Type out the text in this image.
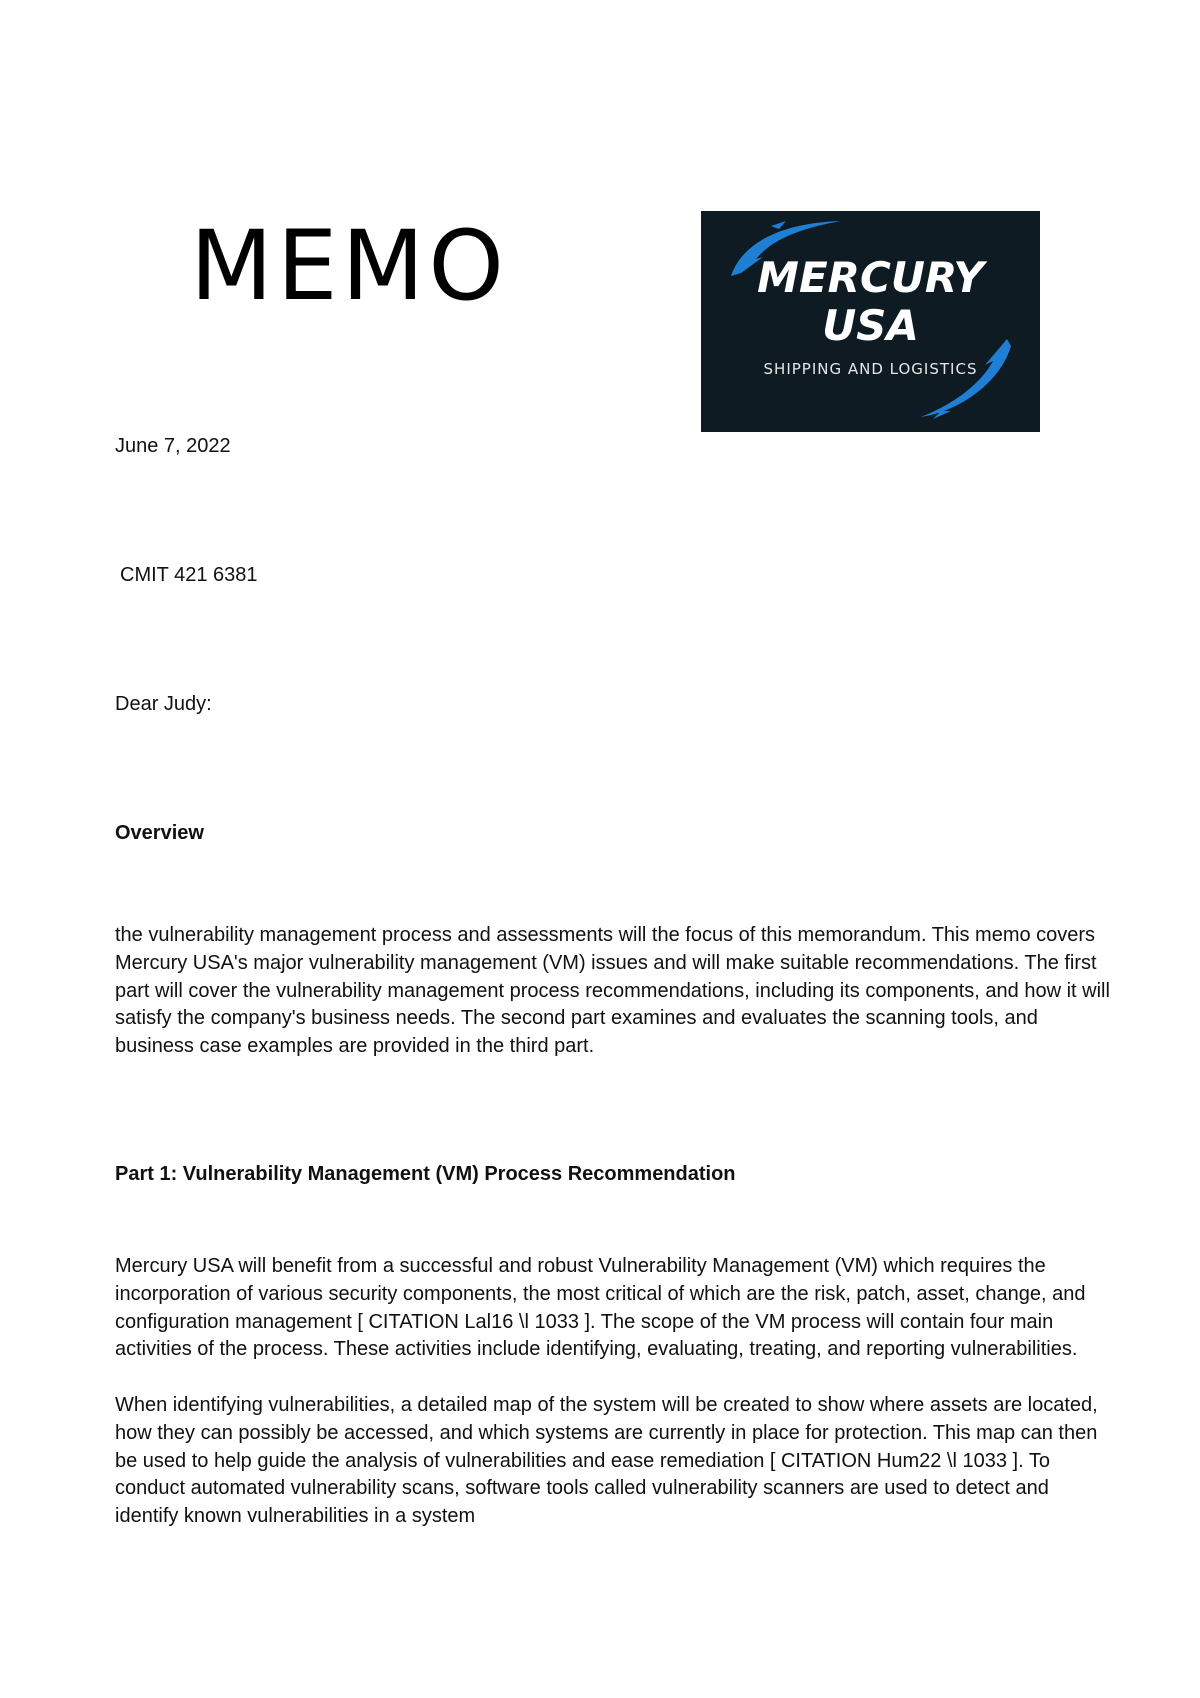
MEMO	MERCURY
USA
SHIPPING AND LOGISTICS

June 7, 2022

CMIT 421 6381

Dear Judy:

Overview

the vulnerability management process and assessments will the focus of this memorandum. This memo covers Mercury USA's major vulnerability management (VM) issues and will make suitable recommendations. The first part will cover the vulnerability management process recommendations, including its components, and how it will satisfy the company's business needs. The second part examines and evaluates the scanning tools, and business case examples are provided in the third part.

Part 1: Vulnerability Management (VM) Process Recommendation

Mercury USA will benefit from a successful and robust Vulnerability Management (VM) which requires the incorporation of various security components, the most critical of which are the risk, patch, asset, change, and configuration management [ CITATION Lal16 \l 1033 ]. The scope of the VM process will contain four main activities of the process. These activities include identifying, evaluating, treating, and reporting vulnerabilities.

When identifying vulnerabilities, a detailed map of the system will be created to show where assets are located, how they can possibly be accessed, and which systems are currently in place for protection. This map can then be used to help guide the analysis of vulnerabilities and ease remediation [ CITATION Hum22 \l 1033 ]. To conduct automated vulnerability scans, software tools called vulnerability scanners are used to detect and identify known vulnerabilities in a system
